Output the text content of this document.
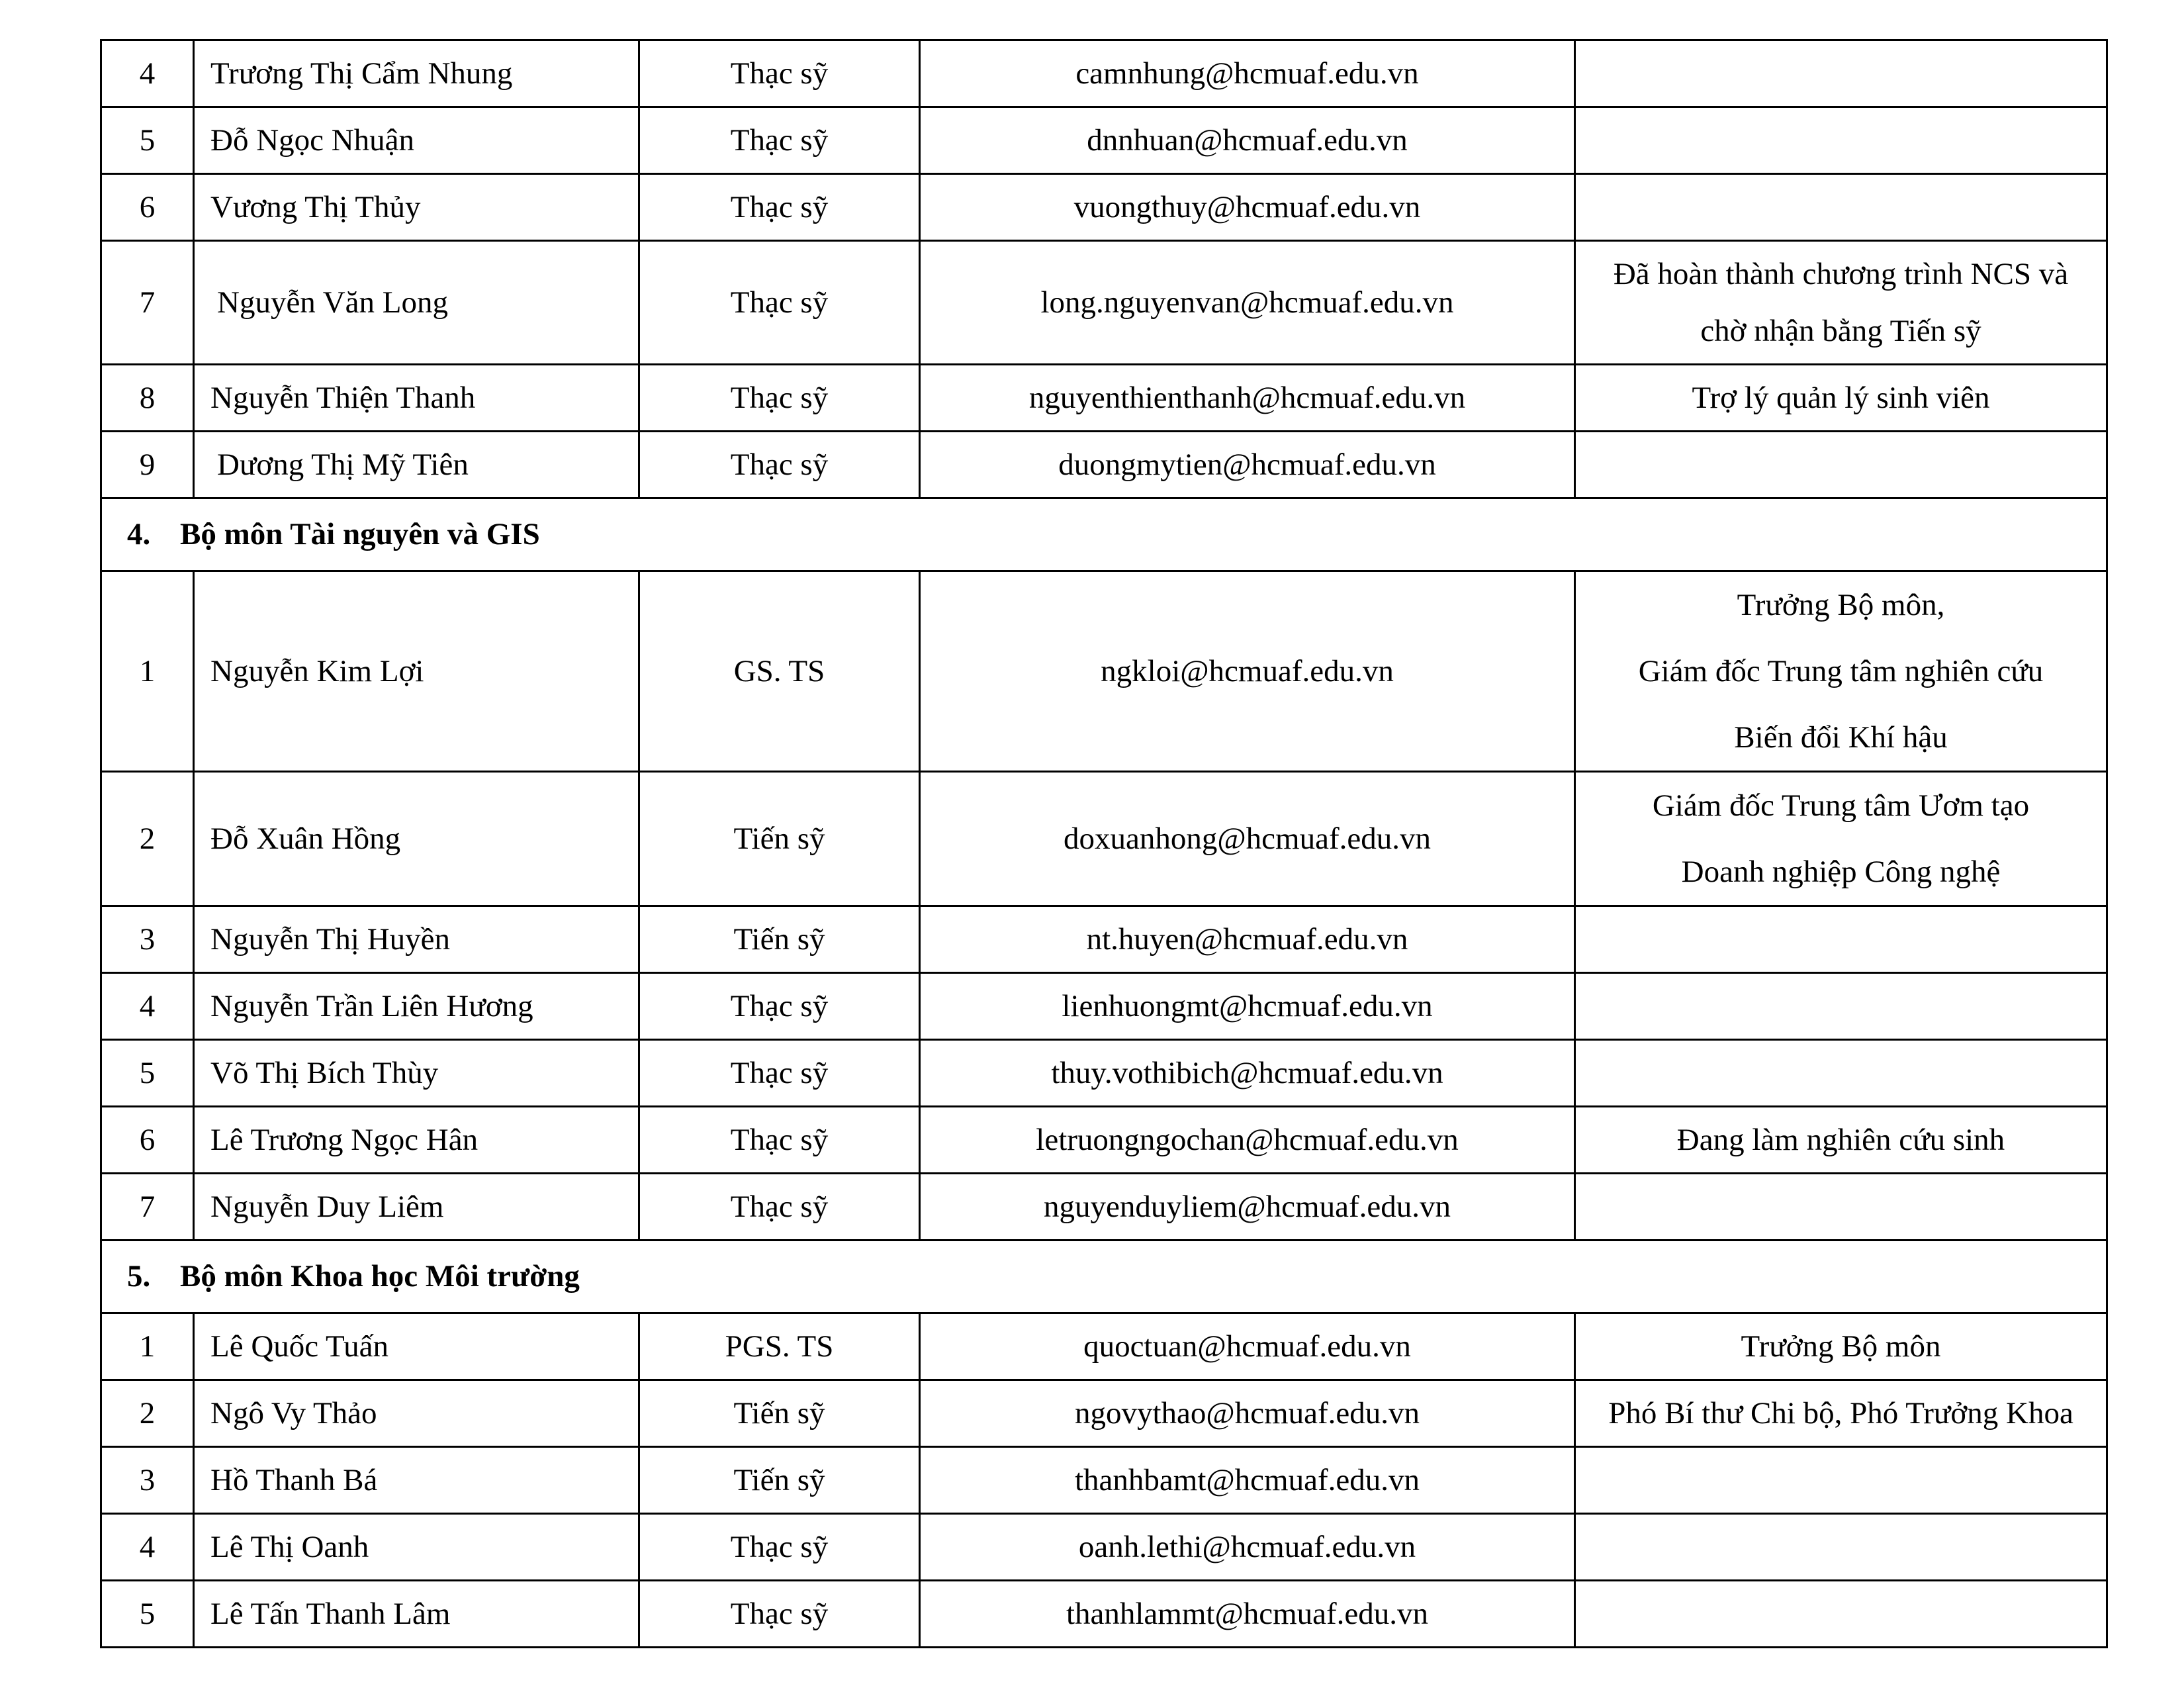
4	Trương Thị Cẩm Nhung	Thạc sỹ	camnhung@hcmuaf.edu.vn	
5	Đỗ Ngọc Nhuận	Thạc sỹ	dnnhuan@hcmuaf.edu.vn	
6	Vương Thị Thủy	Thạc sỹ	vuongthuy@hcmuaf.edu.vn	
7	Nguyễn Văn Long	Thạc sỹ	long.nguyenvan@hcmuaf.edu.vn	Đã hoàn thành chương trình NCS và
chờ nhận bằng Tiến sỹ

8	Nguyễn Thiện Thanh	Thạc sỹ	nguyenthienthanh@hcmuaf.edu.vn	Trợ lý quản lý sinh viên

9	Dương Thị Mỹ Tiên	Thạc sỹ	duongmytien@hcmuaf.edu.vn	
4. Bộ môn Tài nguyên và GIS				
1	Nguyễn Kim Lợi	GS. TS	ngkloi@hcmuaf.edu.vn	Trưởng Bộ môn,
Giám đốc Trung tâm nghiên cứu
Biến đổi Khí hậu

2	Đỗ Xuân Hồng	Tiến sỹ	doxuanhong@hcmuaf.edu.vn	Giám đốc Trung tâm Ươm tạo
Doanh nghiệp Công nghệ

3	Nguyễn Thị Huyền	Tiến sỹ	nt.huyen@hcmuaf.edu.vn	
4	Nguyễn Trần Liên Hương	Thạc sỹ	lienhuongmt@hcmuaf.edu.vn	
5	Võ Thị Bích Thùy	Thạc sỹ	thuy.vothibich@hcmuaf.edu.vn	
6	Lê Trương Ngọc Hân	Thạc sỹ	letruongngochan@hcmuaf.edu.vn	Đang làm nghiên cứu sinh

7	Nguyễn Duy Liêm	Thạc sỹ	nguyenduyliem@hcmuaf.edu.vn	
5. Bộ môn Khoa học Môi trường				
1	Lê Quốc Tuấn	PGS. TS	quoctuan@hcmuaf.edu.vn	Trưởng Bộ môn

2	Ngô Vy Thảo	Tiến sỹ	ngovythao@hcmuaf.edu.vn	Phó Bí thư Chi bộ, Phó Trưởng Khoa

3	Hồ Thanh Bá	Tiến sỹ	thanhbamt@hcmuaf.edu.vn	
4	Lê Thị Oanh	Thạc sỹ	oanh.lethi@hcmuaf.edu.vn	
5	Lê Tấn Thanh Lâm	Thạc sỹ	thanhlammt@hcmuaf.edu.vn	
